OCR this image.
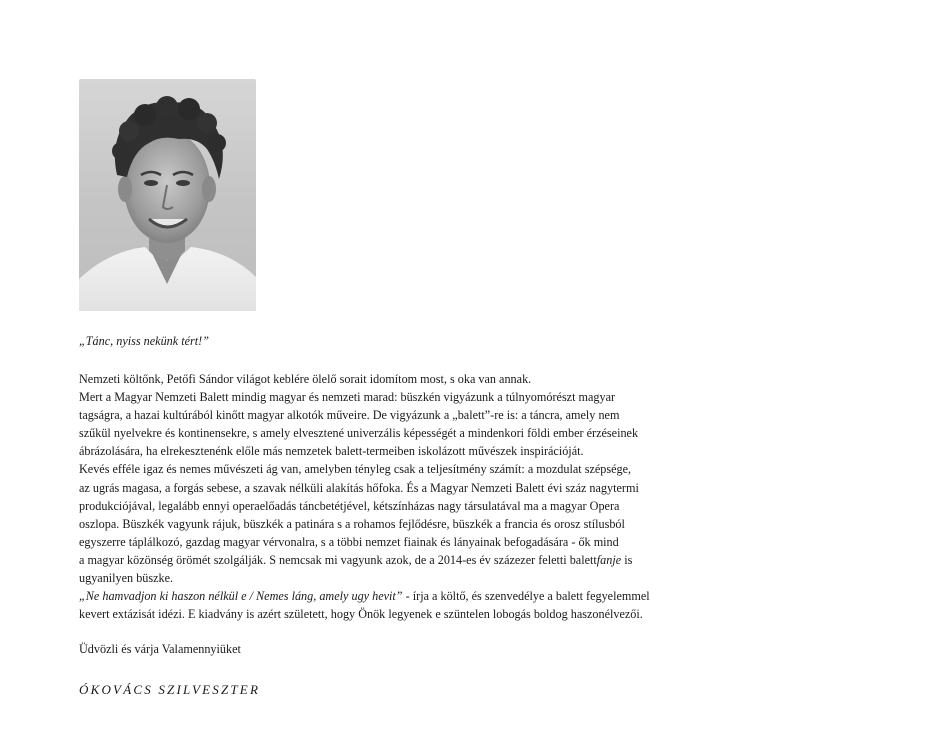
„Tánc, nyiss nekünk tért!”
Nemzeti költőnk, Petőfi Sándor világot keblére ölelő sorait idomítom most, s oka van annak.
Mert a Magyar Nemzeti Balett mindig magyar és nemzeti marad: büszkén vigyázunk a túlnyomórészt magyar
tagságra, a hazai kultúrából kinőtt magyar alkotók műveire. De vigyázunk a „balett”-re is: a táncra, amely nem
szűkül nyelvekre és kontinensekre, s amely elvesztené univerzális képességét a mindenkori földi ember érzéseinek
ábrázolására, ha elrekesztenénk előle más nemzetek balett-termeiben iskolázott művészek inspirációját.
Kevés efféle igaz és nemes művészeti ág van, amelyben tényleg csak a teljesítmény számít: a mozdulat szépsége,
az ugrás magasa, a forgás sebese, a szavak nélküli alakítás hőfoka. És a Magyar Nemzeti Balett évi száz nagytermi
produkciójával, legalább ennyi operaelőadás táncbetétjével, kétszínházas nagy társulatával ma a magyar Opera
oszlopa. Büszkék vagyunk rájuk, büszkék a patinára s a rohamos fejlődésre, büszkék a francia és orosz stílusból
egyszerre táplálkozó, gazdag magyar vérvonalra, s a többi nemzet fiainak és lányainak befogadására - ők mind
a magyar közönség örömét szolgálják. S nemcsak mi vagyunk azok, de a 2014-es év százezer feletti balettfanje is
ugyanilyen büszke.
„Ne hamvadjon ki haszon nélkül e / Nemes láng, amely ugy hevit” - írja a költő, és szenvedélye a balett fegyelemmel
kevert extázisát idézi. E kiadvány is azért született, hogy Önök legyenek e szüntelen lobogás boldog haszonélvezői.
Üdvözli és várja Valamennyiüket
ÓKOVÁCS SZILVESZTER
